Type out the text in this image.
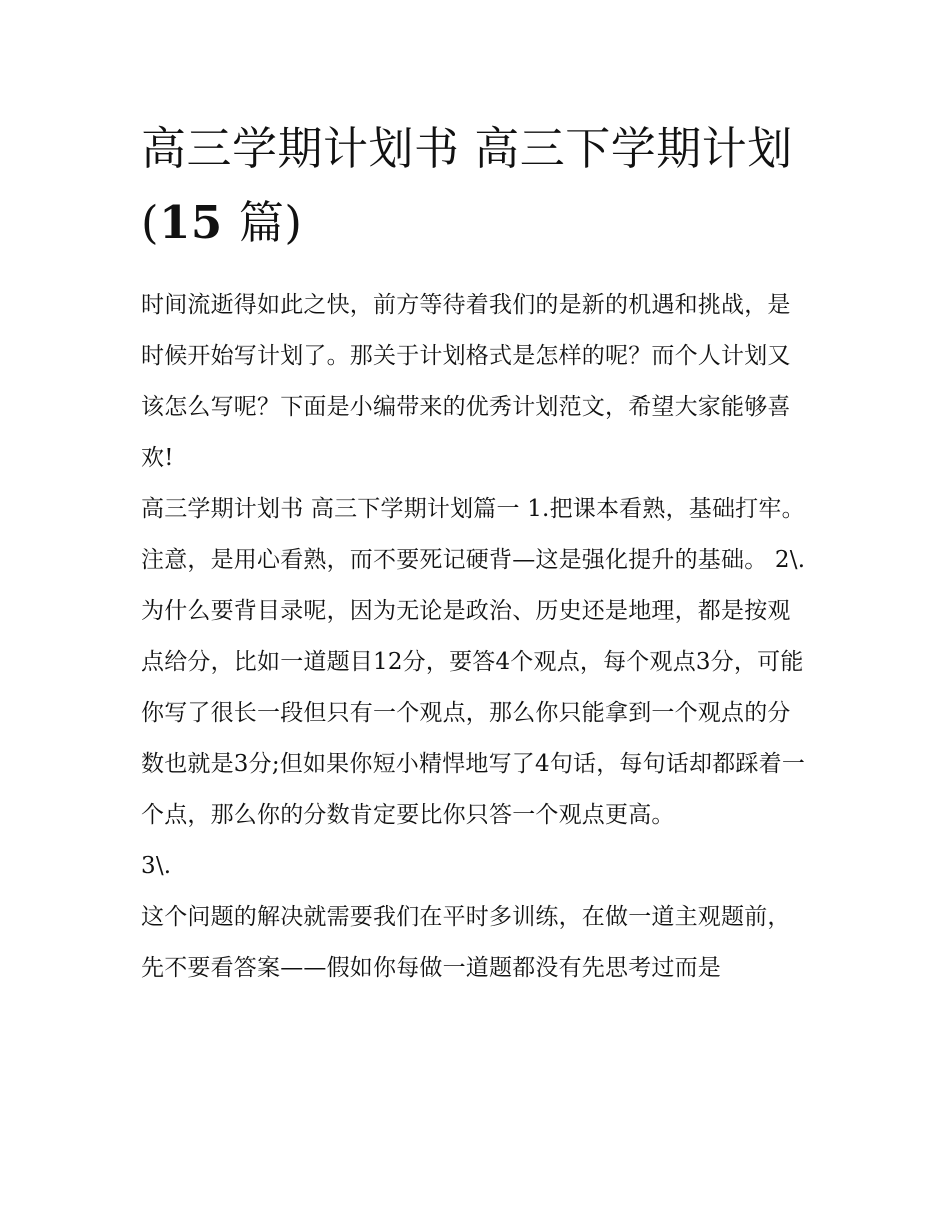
高三学期计划书 高三下学期计划(15 篇)

时间流逝得如此之快，前方等待着我们的是新的机遇和挑战，是时候开始写计划了。那关于计划格式是怎样的呢？而个人计划又该怎么写呢？下面是小编带来的优秀计划范文，希望大家能够喜欢!

高三学期计划书 高三下学期计划篇一 1.把课本看熟，基础打牢。注意，是用心看熟，而不要死记硬背—这是强化提升的基础。 2\.

为什么要背目录呢，因为无论是政治、历史还是地理，都是按观点给分，比如一道题目12分，要答4个观点，每个观点3分，可能你写了很长一段但只有一个观点，那么你只能拿到一个观点的分数也就是3分;但如果你短小精悍地写了4句话，每句话却都踩着一个点，那么你的分数肯定要比你只答一个观点更高。

3\.

这个问题的解决就需要我们在平时多训练，在做一道主观题前，先不要看答案——假如你每做一道题都没有先思考过而是
